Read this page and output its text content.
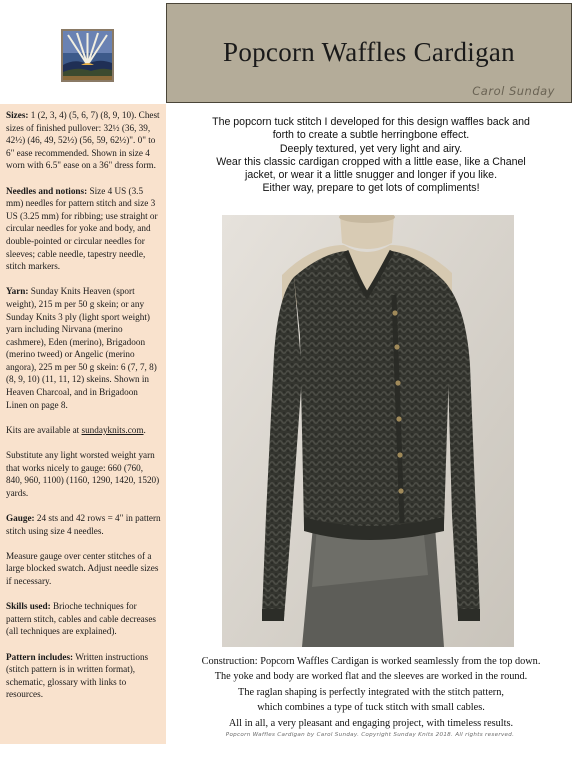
Popcorn Waffles Cardigan
Carol Sunday

Sizes: 1 (2, 3, 4) (5, 6, 7) (8, 9, 10). Chest sizes of finished pullover: 32½ (36, 39, 42½) (46, 49, 52½) (56, 59, 62½)". 0" to 6" ease recommended. Shown in size 4 worn with 6.5" ease on a 36" dress form.

Needles and notions: Size 4 US (3.5 mm) needles for pattern stitch and size 3 US (3.25 mm) for ribbing; use straight or circular needles for yoke and body, and double-pointed or circular needles for sleeves; cable needle, tapestry needle, stitch markers.

Yarn: Sunday Knits Heaven (sport weight), 215 m per 50 g skein; or any Sunday Knits 3 ply (light sport weight) yarn including Nirvana (merino cashmere), Eden (merino), Brigadoon (merino tweed) or Angelic (merino angora), 225 m per 50 g skein: 6 (7, 7, 8) (8, 9, 10) (11, 11, 12) skeins. Shown in Heaven Charcoal, and in Brigadoon Linen on page 8.

Kits are available at sundayknits.com.

Substitute any light worsted weight yarn that works nicely to gauge: 660 (760, 840, 960, 1100) (1160, 1290, 1420, 1520) yards.

Gauge: 24 sts and 42 rows = 4" in pattern stitch using size 4 needles.

Measure gauge over center stitches of a large blocked swatch. Adjust needle sizes if necessary.

Skills used: Brioche techniques for pattern stitch, cables and cable decreases (all techniques are explained).

Pattern includes: Written instructions (stitch pattern is in written format), schematic, glossary with links to resources.

The popcorn tuck stitch I developed for this design waffles back and
forth to create a subtle herringbone effect.
Deeply textured, yet very light and airy.
Wear this classic cardigan cropped with a little ease, like a Chanel
jacket, or wear it a little snugger and longer if you like.
Either way, prepare to get lots of compliments!
Construction: Popcorn Waffles Cardigan is worked seamlessly from the top down.
The yoke and body are worked flat and the sleeves are worked in the round.
The raglan shaping is perfectly integrated with the stitch pattern,
which combines a type of tuck stitch with small cables.
All in all, a very pleasant and engaging project, with timeless results.
Popcorn Waffles Cardigan by Carol Sunday. Copyright Sunday Knits 2018. All rights reserved.
